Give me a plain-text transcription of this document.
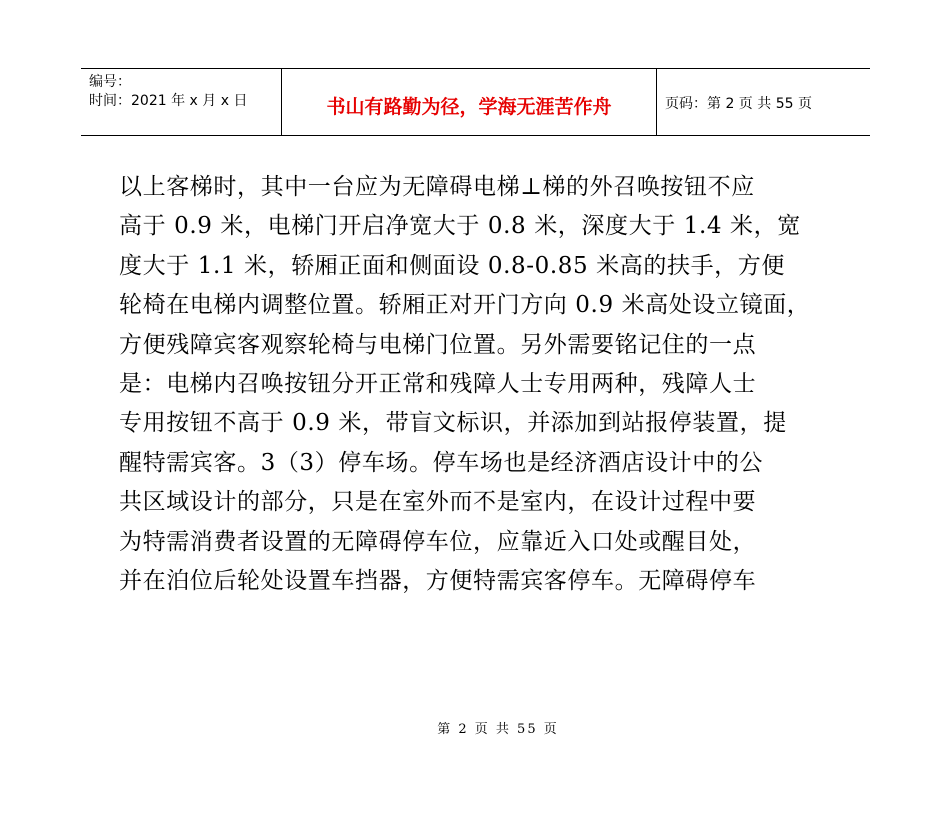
编号：
时间：2021 年 x 月 x 日	书山有路勤为径，学海无涯苦作舟	页码：第 2 页 共 55 页
以上客梯时，其中一台应为无障碍电梯⊥梯的外召唤按钮不应
高于 0.9 米，电梯门开启净宽大于 0.8 米，深度大于 1.4 米，宽
度大于 1.1 米，轿厢正面和侧面设 0.8-0.85 米高的扶手，方便
轮椅在电梯内调整位置。轿厢正对开门方向 0.9 米高处设立镜面，
方便残障宾客观察轮椅与电梯门位置。另外需要铭记住的一点
是：电梯内召唤按钮分开正常和残障人士专用两种，残障人士
专用按钮不高于 0.9 米，带盲文标识，并添加到站报停装置，提
醒特需宾客。3（3）停车场。停车场也是经济酒店设计中的公
共区域设计的部分，只是在室外而不是室内，在设计过程中要
为特需消费者设置的无障碍停车位，应靠近入口处或醒目处，
并在泊位后轮处设置车挡器，方便特需宾客停车。无障碍停车
第 2 页 共 55 页
